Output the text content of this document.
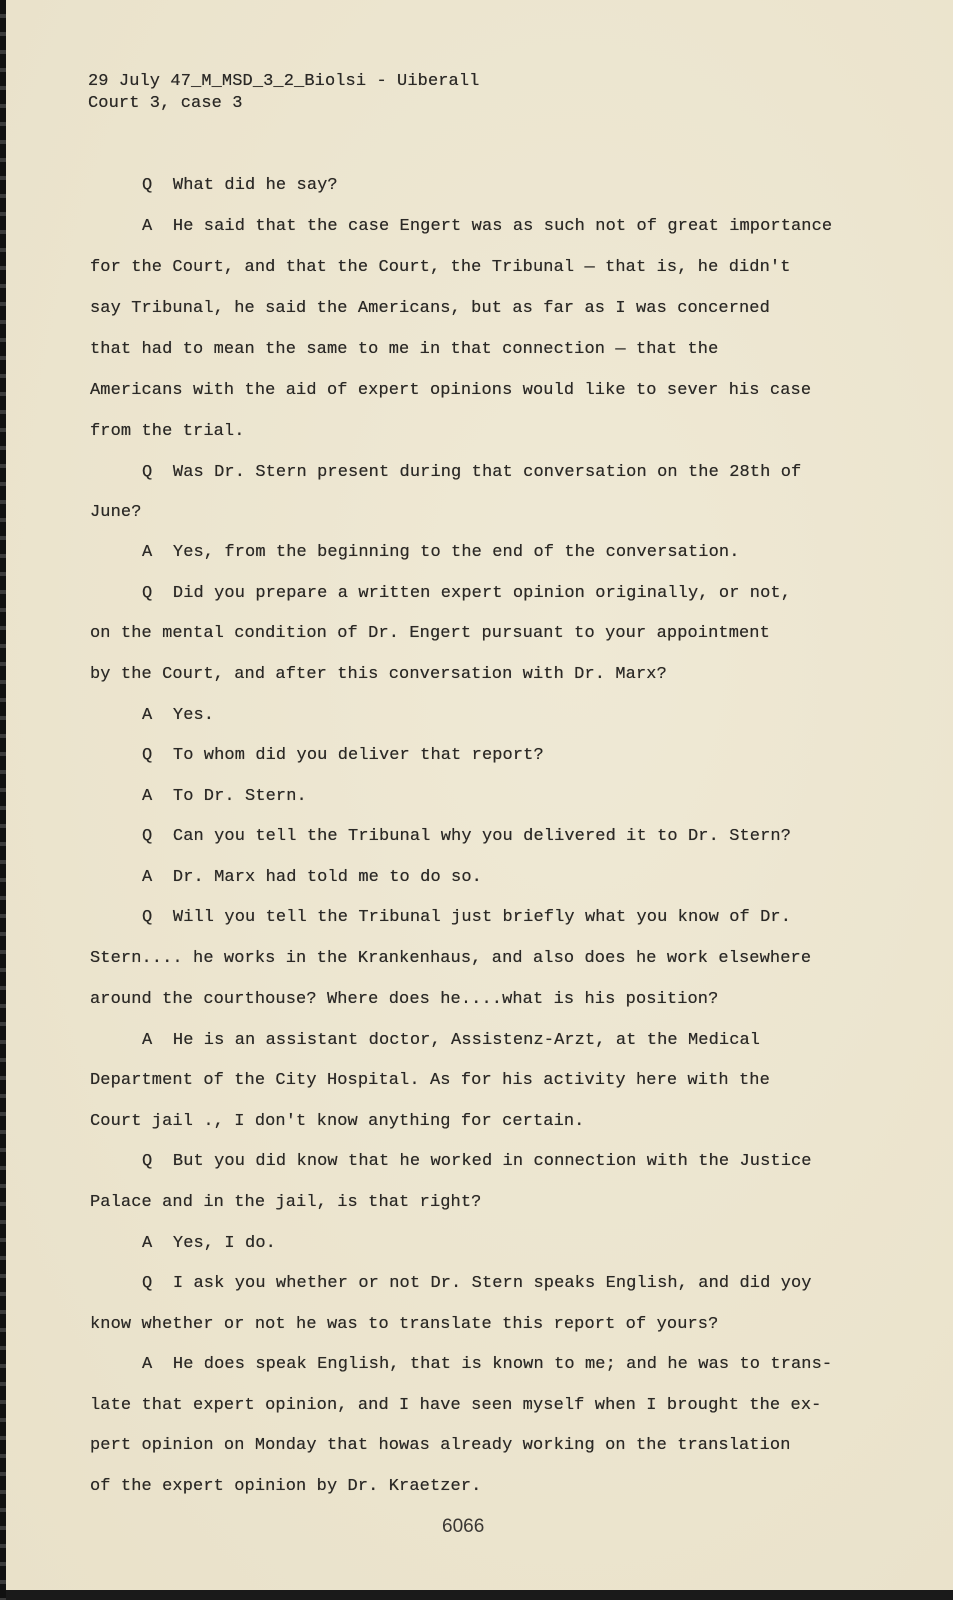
29 July 47_M_MSD_3_2_Biolsi - Uiberall
Court 3, case 3
Q  What did he say?
A  He said that the case Engert was as such not of great importance
for the Court, and that the Court, the Tribunal — that is, he didn't
say Tribunal, he said the Americans, but as far as I was concerned
that had to mean the same to me in that connection — that the
Americans with the aid of expert opinions would like to sever his case
from the trial.
Q  Was Dr. Stern present during that conversation on the 28th of
June?
A  Yes, from the beginning to the end of the conversation.
Q  Did you prepare a written expert opinion originally, or not,
on the mental condition of Dr. Engert pursuant to your appointment
by the Court, and after this conversation with Dr. Marx?
A  Yes.
Q  To whom did you deliver that report?
A  To Dr. Stern.
Q  Can you tell the Tribunal why you delivered it to Dr. Stern?
A  Dr. Marx had told me to do so.
Q  Will you tell the Tribunal just briefly what you know of Dr.
Stern.... he works in the Krankenhaus, and also does he work elsewhere
around the courthouse? Where does he....what is his position?
A  He is an assistant doctor, Assistenz-Arzt, at the Medical
Department of the City Hospital. As for his activity here with the
Court jail ., I don't know anything for certain.
Q  But you did know that he worked in connection with the Justice
Palace and in the jail, is that right?
A  Yes, I do.
Q  I ask you whether or not Dr. Stern speaks English, and did yoy
know whether or not he was to translate this report of yours?
A  He does speak English, that is known to me; and he was to trans-
late that expert opinion, and I have seen myself when I brought the ex-
pert opinion on Monday that howas already working on the translation
of the expert opinion by Dr. Kraetzer.
6066
